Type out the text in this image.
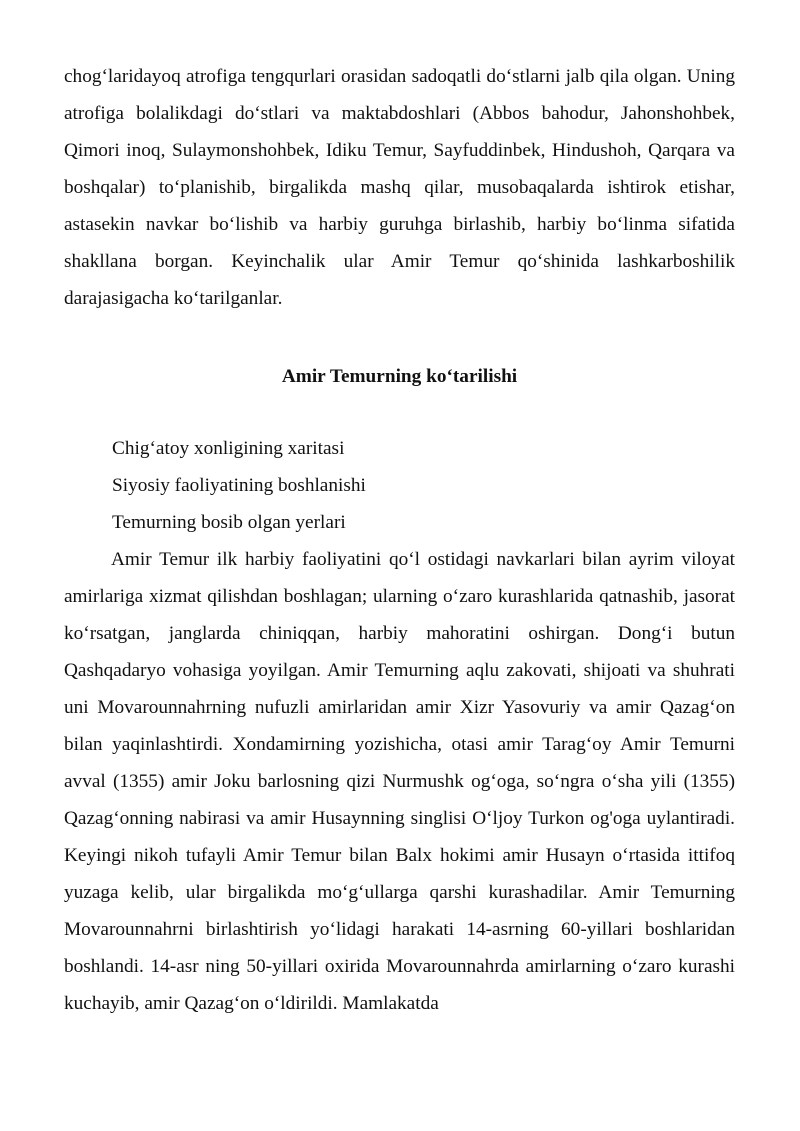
chog‘laridayoq atrofiga tengqurlari orasidan sadoqatli do‘stlarni jalb qila olgan. Uning atrofiga bolalikdagi do‘stlari va maktabdoshlari (Abbos bahodur, Jahonshohbek, Qimori inoq, Sulaymonshohbek, Idiku Temur, Sayfuddinbek, Hindushoh, Qarqara va boshqalar) to‘planishib, birgalikda mashq qilar, musobaqalarda ishtirok etishar, astasekin navkar bo‘lishib va harbiy guruhga birlashib, harbiy bo‘linma sifatida shakllana borgan. Keyinchalik ular Amir Temur qo‘shinida lashkarboshilik darajasigacha ko‘tarilganlar.

Amir Temurning ko‘tarilishi

Chig‘atoy xonligining xaritasi
Siyosiy faoliyatining boshlanishi
Temurning bosib olgan yerlari

Amir Temur ilk harbiy faoliyatini qo‘l ostidagi navkarlari bilan ayrim viloyat amirlariga xizmat qilishdan boshlagan; ularning o‘zaro kurashlarida qatnashib, jasorat ko‘rsatgan, janglarda chiniqqan, harbiy mahoratini oshirgan. Dong‘i butun Qashqadaryo vohasiga yoyilgan. Amir Temurning aqlu zakovati, shijoati va shuhrati uni Movarounnahrning nufuzli amirlaridan amir Xizr Yasovuriy va amir Qazag‘on bilan yaqinlashtirdi. Xondamirning yozishicha, otasi amir Tarag‘oy Amir Temurni avval (1355) amir Joku barlosning qizi Nurmushk og‘oga, so‘ngra o‘sha yili (1355) Qazag‘onning nabirasi va amir Husaynning singlisi O‘ljoy Turkon og'oga uylantiradi. Keyingi nikoh tufayli Amir Temur bilan Balx hokimi amir Husayn o‘rtasida ittifoq yuzaga kelib, ular birgalikda mo‘g‘ullarga qarshi kurashadilar. Amir Temurning Movarounnahrni birlashtirish yo‘lidagi harakati 14-asrning 60-yillari boshlaridan boshlandi. 14-asr ning 50-yillari oxirida Movarounnahrda amirlarning o‘zaro kurashi kuchayib, amir Qazag‘on o‘ldirildi. Mamlakatda
